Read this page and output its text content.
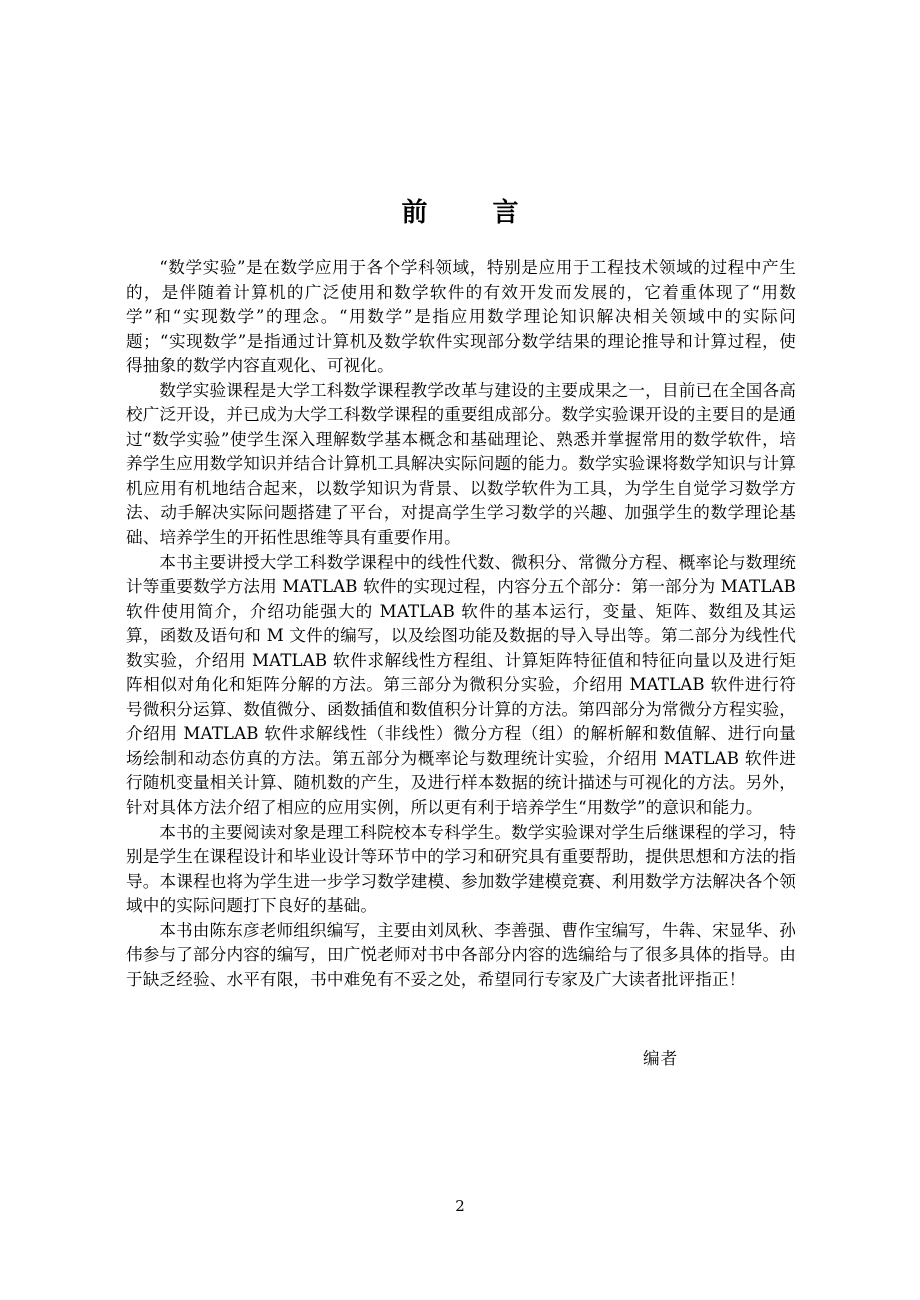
前 言

“数学实验”是在数学应用于各个学科领域，特别是应用于工程技术领域的过程中产生的，是伴随着计算机的广泛使用和数学软件的有效开发而发展的，它着重体现了“用数学”和“实现数学”的理念。“用数学”是指应用数学理论知识解决相关领域中的实际问题；“实现数学”是指通过计算机及数学软件实现部分数学结果的理论推导和计算过程，使得抽象的数学内容直观化、可视化。

数学实验课程是大学工科数学课程教学改革与建设的主要成果之一，目前已在全国各高校广泛开设，并已成为大学工科数学课程的重要组成部分。数学实验课开设的主要目的是通过“数学实验”使学生深入理解数学基本概念和基础理论、熟悉并掌握常用的数学软件，培养学生应用数学知识并结合计算机工具解决实际问题的能力。数学实验课将数学知识与计算机应用有机地结合起来，以数学知识为背景、以数学软件为工具，为学生自觉学习数学方法、动手解决实际问题搭建了平台，对提高学生学习数学的兴趣、加强学生的数学理论基础、培养学生的开拓性思维等具有重要作用。

本书主要讲授大学工科数学课程中的线性代数、微积分、常微分方程、概率论与数理统计等重要数学方法用 MATLAB 软件的实现过程，内容分五个部分：第一部分为 MATLAB 软件使用简介，介绍功能强大的 MATLAB 软件的基本运行，变量、矩阵、数组及其运算，函数及语句和 M 文件的编写，以及绘图功能及数据的导入导出等。第二部分为线性代数实验，介绍用 MATLAB 软件求解线性方程组、计算矩阵特征值和特征向量以及进行矩阵相似对角化和矩阵分解的方法。第三部分为微积分实验，介绍用 MATLAB 软件进行符号微积分运算、数值微分、函数插值和数值积分计算的方法。第四部分为常微分方程实验，介绍用 MATLAB 软件求解线性（非线性）微分方程（组）的解析解和数值解、进行向量场绘制和动态仿真的方法。第五部分为概率论与数理统计实验，介绍用 MATLAB 软件进行随机变量相关计算、随机数的产生，及进行样本数据的统计描述与可视化的方法。另外，针对具体方法介绍了相应的应用实例，所以更有利于培养学生“用数学”的意识和能力。

本书的主要阅读对象是理工科院校本专科学生。数学实验课对学生后继课程的学习，特别是学生在课程设计和毕业设计等环节中的学习和研究具有重要帮助，提供思想和方法的指导。本课程也将为学生进一步学习数学建模、参加数学建模竞赛、利用数学方法解决各个领域中的实际问题打下良好的基础。

本书由陈东彦老师组织编写，主要由刘凤秋、李善强、曹作宝编写，牛犇、宋显华、孙伟参与了部分内容的编写，田广悦老师对书中各部分内容的选编给与了很多具体的指导。由于缺乏经验、水平有限，书中难免有不妥之处，希望同行专家及广大读者批评指正！

编者
2
